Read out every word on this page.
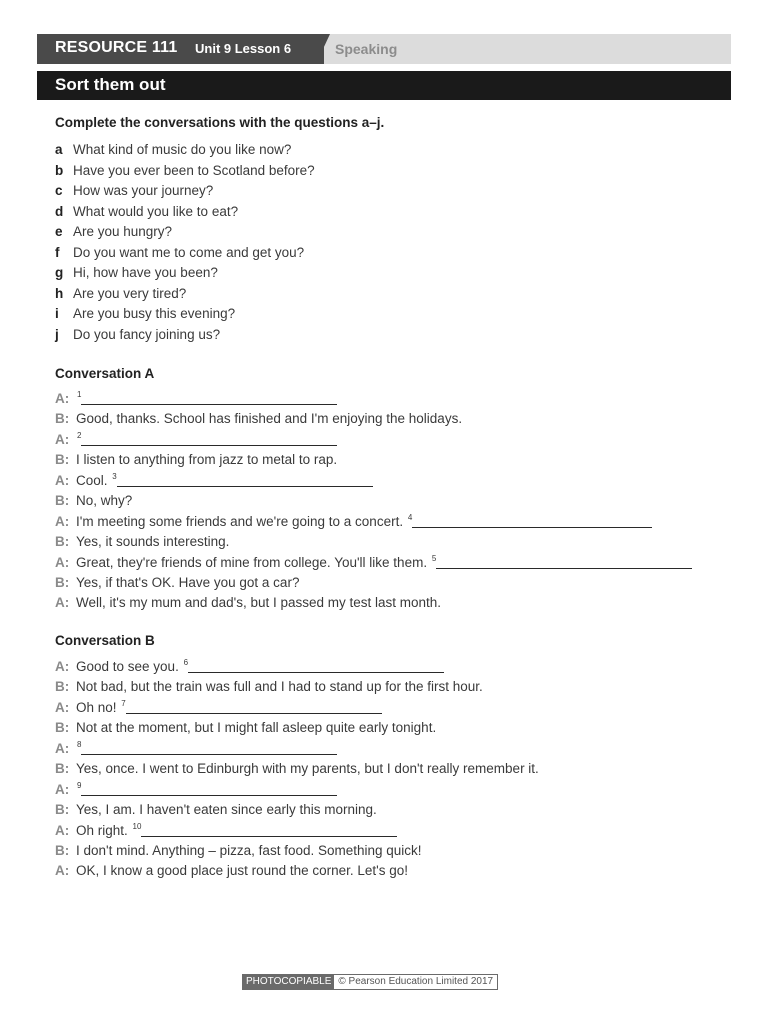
RESOURCE 111 Unit 9 Lesson 6	Speaking
Sort them out
Complete the conversations with the questions a–j.
a What kind of music do you like now?
b Have you ever been to Scotland before?
c How was your journey?
d What would you like to eat?
e Are you hungry?
f Do you want me to come and get you?
g Hi, how have you been?
h Are you very tired?
i Are you busy this evening?
j Do you fancy joining us?
Conversation A
A: $^1$
B: Good, thanks. School has finished and I'm enjoying the holidays.
A: $^2$
B: I listen to anything from jazz to metal to rap.
A: Cool. $^3$
B: No, why?
A: I'm meeting some friends and we're going to a concert. $^4$
B: Yes, it sounds interesting.
A: Great, they're friends of mine from college. You'll like them. $^5$
B: Yes, if that's OK. Have you got a car?
A: Well, it's my mum and dad's, but I passed my test last month.
Conversation B
A: Good to see you. $^6$
B: Not bad, but the train was full and I had to stand up for the first hour.
A: Oh no! $^7$
B: Not at the moment, but I might fall asleep quite early tonight.
A: $^8$
B: Yes, once. I went to Edinburgh with my parents, but I don't really remember it.
A: $^9$
B: Yes, I am. I haven't eaten since early this morning.
A: Oh right. $^{10}$
B: I don't mind. Anything – pizza, fast food. Something quick!
A: OK, I know a good place just round the corner. Let's go!
PHOTOCOPIABLE © Pearson Education Limited 2017
